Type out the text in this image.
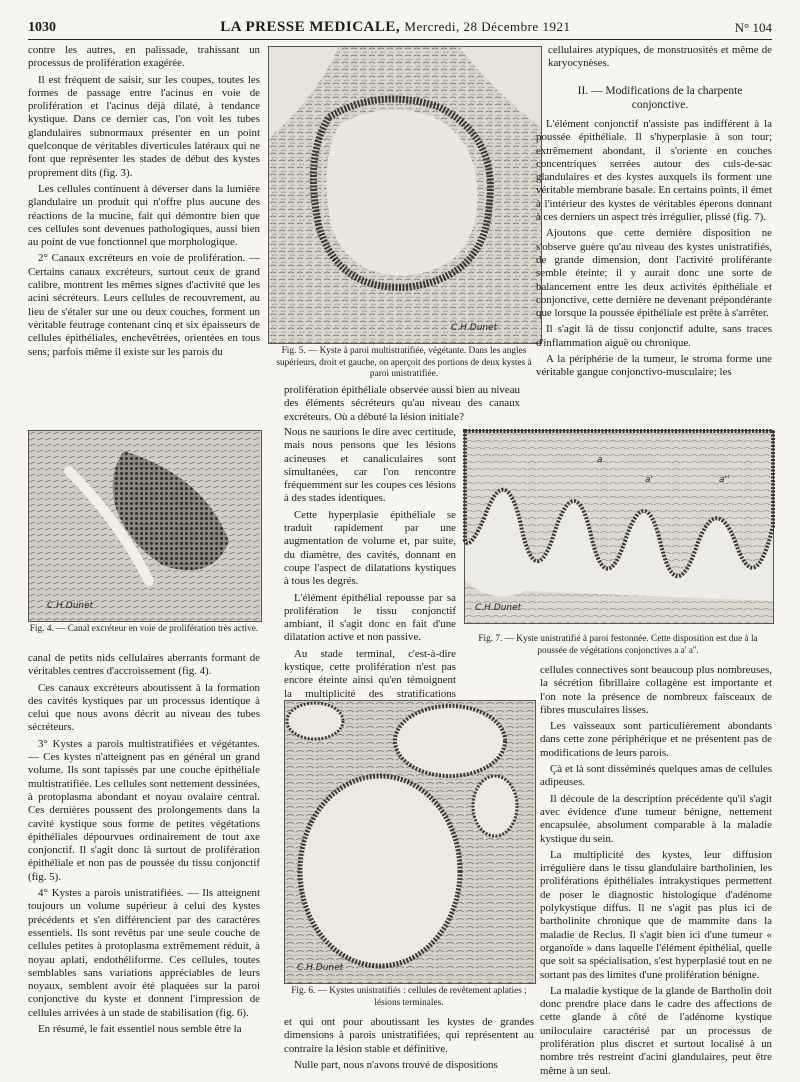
1030	LA PRESSE MEDICALE, Mercredi, 28 Décembre 1921	N° 104

contre les autres, en palissade, trahissant un processus de prolifération exagérée.

Il est fréquent de saisir, sur les coupes, toutes les formes de passage entre l'acinus en voie de prolifération et l'acinus déjà dilaté, à tendance kystique. Dans ce dernier cas, l'on voit les tubes glandulaires subnormaux présenter en un point quelconque de véritables diverticules latéraux qui ne font que représenter les stades de début des kystes proprement dits (fig. 3).

Les cellules continuent à déverser dans la lumière glandulaire un produit qui n'offre plus aucune des réactions de la mucine, fait qui démontre bien que ces cellules sont devenues pathologiques, aussi bien au point de vue fonctionnel que morphologique.

2° Canaux excréteurs en voie de prolifération. — Certains canaux excréteurs, surtout ceux de grand calibre, montrent les mêmes signes d'activité que les acini sécréteurs. Leurs cellules de recouvrement, au lieu de s'étaler sur une ou deux couches, forment un véritable feutrage contenant cinq et six épaisseurs de cellules épithéliales, enchevêtrées, orientées en tous sens; parfois même il existe sur les parois du

C.H.Dunet
Fig. 5. — Kyste à paroi multistratifiée, végétante. Dans les angles supérieurs, droit et gauche, on aperçoit des portions de deux kystes à paroi unistratifiée.
C.H.Dunet
Fig. 4. — Canal excréteur en voie de prolifération très active.

canal de petits nids cellulaires aberrants formant de véritables centres d'accroissement (fig. 4).

Ces canaux excréteurs aboutissent à la formation des cavités kystiques par un processus identique à celui que nous avons décrit au niveau des tubes sécréteurs.

3° Kystes a parois multistratifiées et végétantes. — Ces kystes n'atteignent pas en général un grand volume. Ils sont tapissés par une couche épithéliale multistratifiée. Les cellules sont nettement dessinées, à protoplasma abondant et noyau ovalaire central. Ces dernières poussent des prolongements dans la cavité kystique sous forme de petites végétations épithéliales dépourvues ordinairement de tout axe conjonctif. Il s'agit donc là surtout de prolifération épithéliale et non pas de poussée du tissu conjonctif (fig. 5).

4° Kystes a parois unistratifiées. — Ils atteignent toujours un volume supérieur à celui des kystes précédents et s'en différencient par des caractères essentiels. Ils sont revêtus par une seule couche de cellules petites à protoplasma extrêmement réduit, à noyau aplati, endothéliforme. Ces cellules, toutes semblables sans variations appréciables de leurs noyaux, semblent avoir été plaquées sur la paroi conjonctive du kyste et donnent l'impression de cellules arrivées à un stade de stabilisation (fig. 6).

En résumé, le fait essentiel nous semble être la

prolifération épithéliale observée aussi bien au niveau des éléments sécréteurs qu'au niveau des canaux excréteurs. Où a débuté la lésion initiale?

Nous ne saurions le dire avec certitude, mais nous pensons que les lésions acineuses et canaliculaires sont simultanées, car l'on rencontre fréquemment sur les coupes ces lésions à des stades identiques.

Cette hyperplasie épithéliale se traduit rapidement par une augmentation de volume et, par suite, du diamètre, des cavités, donnant en coupe l'aspect de dilatations kystiques à tous les degrés.

L'élément épithélial repousse par sa prolifération le tissu conjonctif ambiant, il s'agit donc en fait d'une dilatation active et non passive.

Au stade terminal, c'est-à-dire kystique, cette prolifération n'est pas encore éteinte ainsi qu'en témoignent la multiplicité des stratifications

et qui ont pour aboutissant les kystes de grandes dimensions à parois unistratifiées, qui représentent au contraire la lésion stable et définitive.

Nulle part, nous n'avons trouvé de dispositions

C.H.Dunet
Fig. 6. — Kystes unistratifiés : cellules de revêtement aplaties ; lésions terminales.
C.H.Dunet
a
a'	a''
Fig. 7. — Kyste unistratifié à paroi festonnée. Cette disposition est due à la poussée de végétations conjonctives a a' a''.

cellulaires atypiques, de monstruosités et même de karyocynèses.

II. — Modifications de la charpente conjonctive.

L'élément conjonctif n'assiste pas indifférent à la poussée épithéliale. Il s'hyperplasie à son tour; extrêmement abondant, il s'oriente en couches concentriques serrées autour des culs-de-sac glandulaires et des kystes auxquels ils forment une véritable membrane basale. En certains points, il émet à l'intérieur des kystes de véritables éperons donnant à ces derniers un aspect très irrégulier, plissé (fig. 7).

Ajoutons que cette dernière disposition ne s'observe guère qu'au niveau des kystes unistratifiés, de grande dimension, dont l'activité proliférante semble éteinte; il y aurait donc une sorte de balancement entre les deux activités épithéliale et conjonctive, cette dernière ne devenant prépondérante que lorsque la poussée épithéliale est prête à s'arrêter.

Il s'agit là de tissu conjonctif adulte, sans traces d'inflammation aiguë ou chronique.

A la périphérie de la tumeur, le stroma forme une véritable gangue conjonctivo-musculaire; les

cellules connectives sont beaucoup plus nombreuses, la sécrétion fibrillaire collagène est importante et l'on note la présence de nombreux faisceaux de fibres musculaires lisses.

Les vaisseaux sont particulièrement abondants dans cette zone périphérique et ne présentent pas de modifications de leurs parois.

Çà et là sont disséminés quelques amas de cellules adipeuses.

Il découle de la description précédente qu'il s'agit avec évidence d'une tumeur bénigne, nettement encapsulée, absolument comparable à la maladie kystique du sein.

La multiplicité des kystes, leur diffusion irrégulière dans le tissu glandulaire bartholinien, les proliférations épithéliales intrakystiques permettent de poser le diagnostic histologique d'adénome polykystique diffus. Il ne s'agit pas plus ici de bartholinite chronique que de mammite dans la maladie de Reclus. Il s'agit bien ici d'une tumeur « organoïde » dans laquelle l'élément épithélial, quelle que soit sa spécialisation, s'est hyperplasié tout en ne sortant pas des limites d'une prolifération bénigne.

La maladie kystique de la glande de Bartholin doit donc prendre place dans le cadre des affections de cette glande à côté de l'adénome kystique uniloculaire caractérisé par un processus de prolifération plus discret et surtout localisé à un nombre très restreint d'acini glandulaires, peut être même à un seul.
